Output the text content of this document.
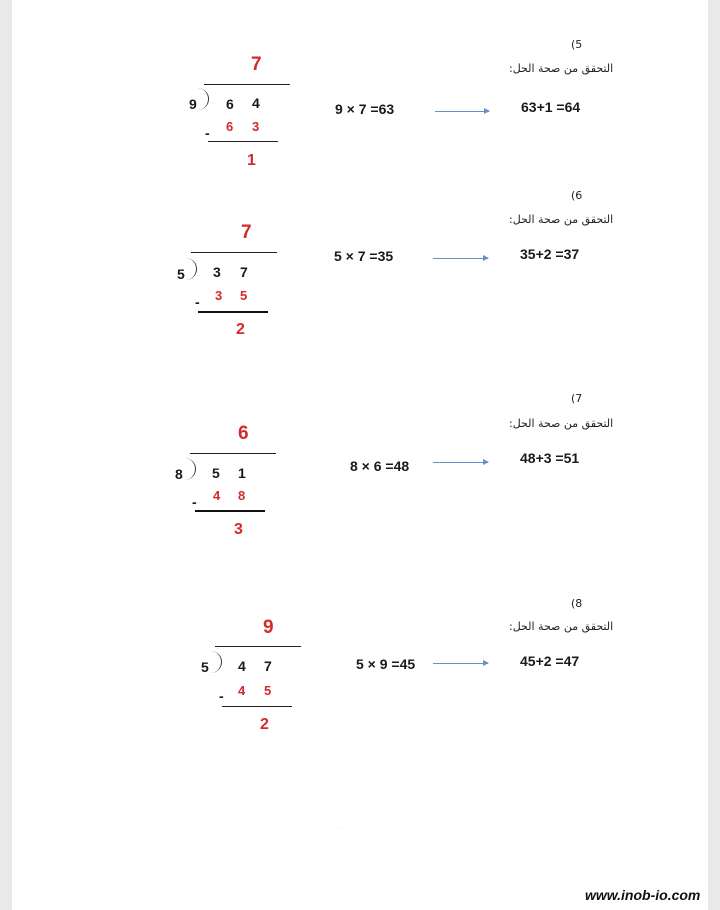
(5
التحقق من صحة الحل:
7
9 6 4
6 3
-
1
9 × 7 =63	63+1 =64
(6
التحقق من صحة الحل:
7
5 3 7
3 5
-
2
5 × 7 =35	35+2 =37
(7
التحقق من صحة الحل:
6
8 5 1
4 8
-
3
8 × 6 =48	48+3 =51
(8
التحقق من صحة الحل:
9
5 4 7
4 5
-
2
5 × 9 =45	45+2 =47
·
· · ·
www.inob-io.com
